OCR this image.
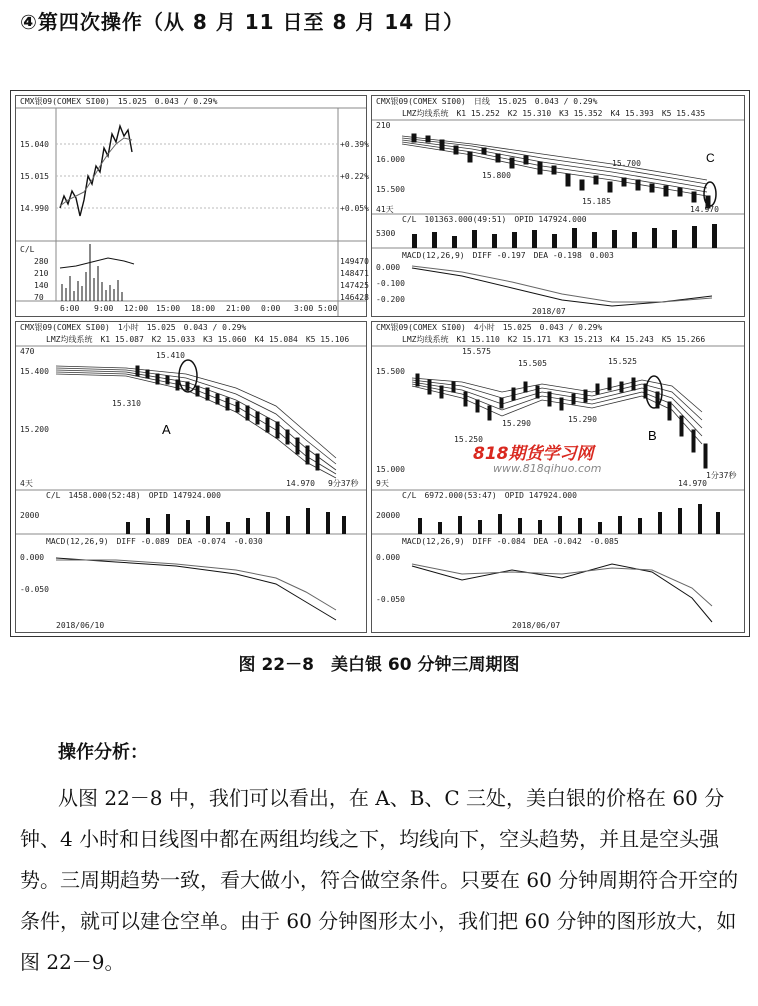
④第四次操作（从 8 月 11 日至 8 月 14 日）
CMX银09(COMEX SI00)　15.025　0.043 / 0.29%
15.040
15.015
14.990
+0.39%
+0.22%
+0.05%
C/L
280
210
140
70
149470
148471
147425
146428
6:00 9:00 12:00 15:00 18:00 21:00 0:00 3:00 5:00
CMX银09(COMEX SI00)　日线　15.025　0.043 / 0.29%
LMZ均线系统　K1 15.252　K2 15.310　K3 15.352　K4 15.393　K5 15.435
210
16.000
15.500
15.800
15.700
15.185
14.970
41天
C
C/L　101363.000(49:51)　OPID 147924.000
5300
MACD(12,26,9)　DIFF -0.197　DEA -0.198　0.003
0.000
-0.100
-0.200
2018/07
CMX银09(COMEX SI00)　1小时　15.025　0.043 / 0.29%
LMZ均线系统　K1 15.087　K2 15.033　K3 15.060　K4 15.084　K5 15.106
470
15.400
15.200
15.410
15.310
A
14.970
4天	9分37秒
C/L　1458.000(52:48)　OPID 147924.000
2000
MACD(12,26,9)　DIFF -0.089　DEA -0.074　-0.030
0.000
-0.050
2018/06/10
CMX银09(COMEX SI00)　4小时　15.025　0.043 / 0.29%
LMZ均线系统　K1 15.110　K2 15.171　K3 15.213　K4 15.243　K5 15.266
15.500
15.000
15.575
15.505	15.525
15.290
15.250
15.290
14.970
9天
1分37秒
B
C/L　6972.000(53:47)　OPID 147924.000
20000
MACD(12,26,9)　DIFF -0.084　DEA -0.042　-0.085
0.000
-0.050
2018/06/07
818期货学习网
www.818qihuo.com
图 22－8　美白银 60 分钟三周期图
操作分析：
从图 22－8 中，我们可以看出，在 A、B、C 三处，美白银的价格在 60 分钟、4 小时和日线图中都在两组均线之下，均线向下，空头趋势，并且是空头强势。三周期趋势一致，看大做小，符合做空条件。只要在 60 分钟周期符合开空的条件，就可以建仓空单。由于 60 分钟图形太小，我们把 60 分钟的图形放大，如图 22－9。
